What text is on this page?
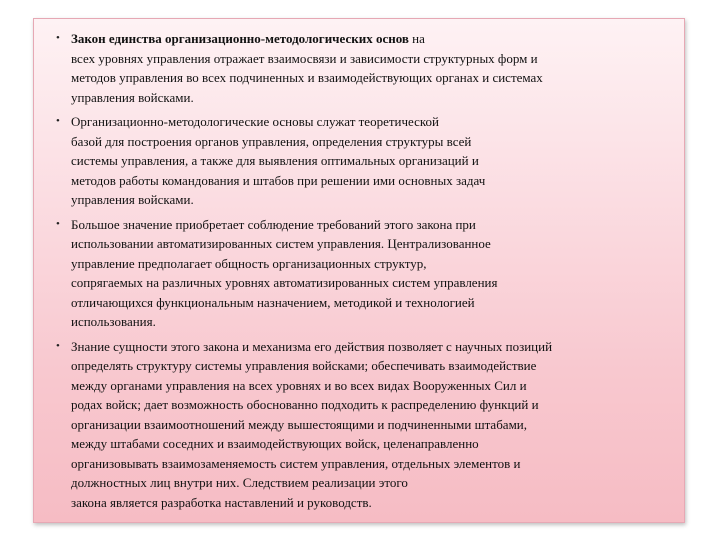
• Закон единства организационно-методологических основ на
всех уровнях управления отражает взаимосвязи и зависимости структурных форм и
методов управления во всех подчиненных и взаимодействующих органах и системах
управления войсками.
• Организационно-методологические основы служат теоретической
базой для построения органов управления, определения структуры всей
системы управления, а также для выявления оптимальных организаций и
методов работы командования и штабов при решении ими основных задач
управления войсками.
• Большое значение приобретает соблюдение требований этого закона при
использовании автоматизированных систем управления. Централизованное
управление предполагает общность организационных структур,
сопрягаемых на различных уровнях автоматизированных систем управления
отличающихся функциональным назначением, методикой и технологией
использования.
• Знание сущности этого закона и механизма его действия позволяет с научных позиций
определять структуру системы управления войсками; обеспечивать взаимодействие
между органами управления на всех уровнях и во всех видах Вооруженных Сил и
родах войск; дает возможность обоснованно подходить к распределению функций и
организации взаимоотношений между вышестоящими и подчиненными штабами,
между штабами соседних и взаимодействующих войск, целенаправленно
организовывать взаимозаменяемость систем управления, отдельных элементов и
должностных лиц внутри них. Следствием реализации этого
закона является разработка наставлений и руководств.
